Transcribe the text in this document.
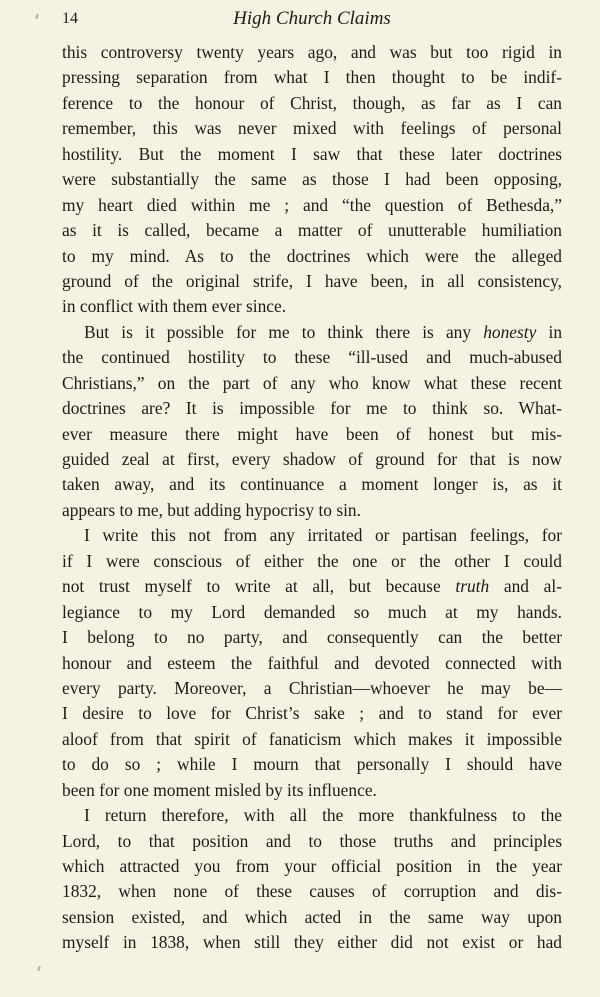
14	High Church Claims
this controversy twenty years ago, and was but too rigid in
pressing separation from what I then thought to be indif-
ference to the honour of Christ, though, as far as I can
remember, this was never mixed with feelings of personal
hostility. But the moment I saw that these later doctrines
were substantially the same as those I had been opposing,
my heart died within me ; and “the question of Bethesda,”
as it is called, became a matter of unutterable humiliation
to my mind. As to the doctrines which were the alleged
ground of the original strife, I have been, in all consistency,
in conflict with them ever since.
But is it possible for me to think there is any honesty in
the continued hostility to these “ill-used and much-abused
Christians,” on the part of any who know what these recent
doctrines are? It is impossible for me to think so. What-
ever measure there might have been of honest but mis-
guided zeal at first, every shadow of ground for that is now
taken away, and its continuance a moment longer is, as it
appears to me, but adding hypocrisy to sin.
I write this not from any irritated or partisan feelings, for
if I were conscious of either the one or the other I could
not trust myself to write at all, but because truth and al-
legiance to my Lord demanded so much at my hands.
I belong to no party, and consequently can the better
honour and esteem the faithful and devoted connected with
every party. Moreover, a Christian—whoever he may be—
I desire to love for Christ’s sake ; and to stand for ever
aloof from that spirit of fanaticism which makes it impossible
to do so ; while I mourn that personally I should have
been for one moment misled by its influence.
I return therefore, with all the more thankfulness to the
Lord, to that position and to those truths and principles
which attracted you from your official position in the year
1832, when none of these causes of corruption and dis-
sension existed, and which acted in the same way upon
myself in 1838, when still they either did not exist or had
